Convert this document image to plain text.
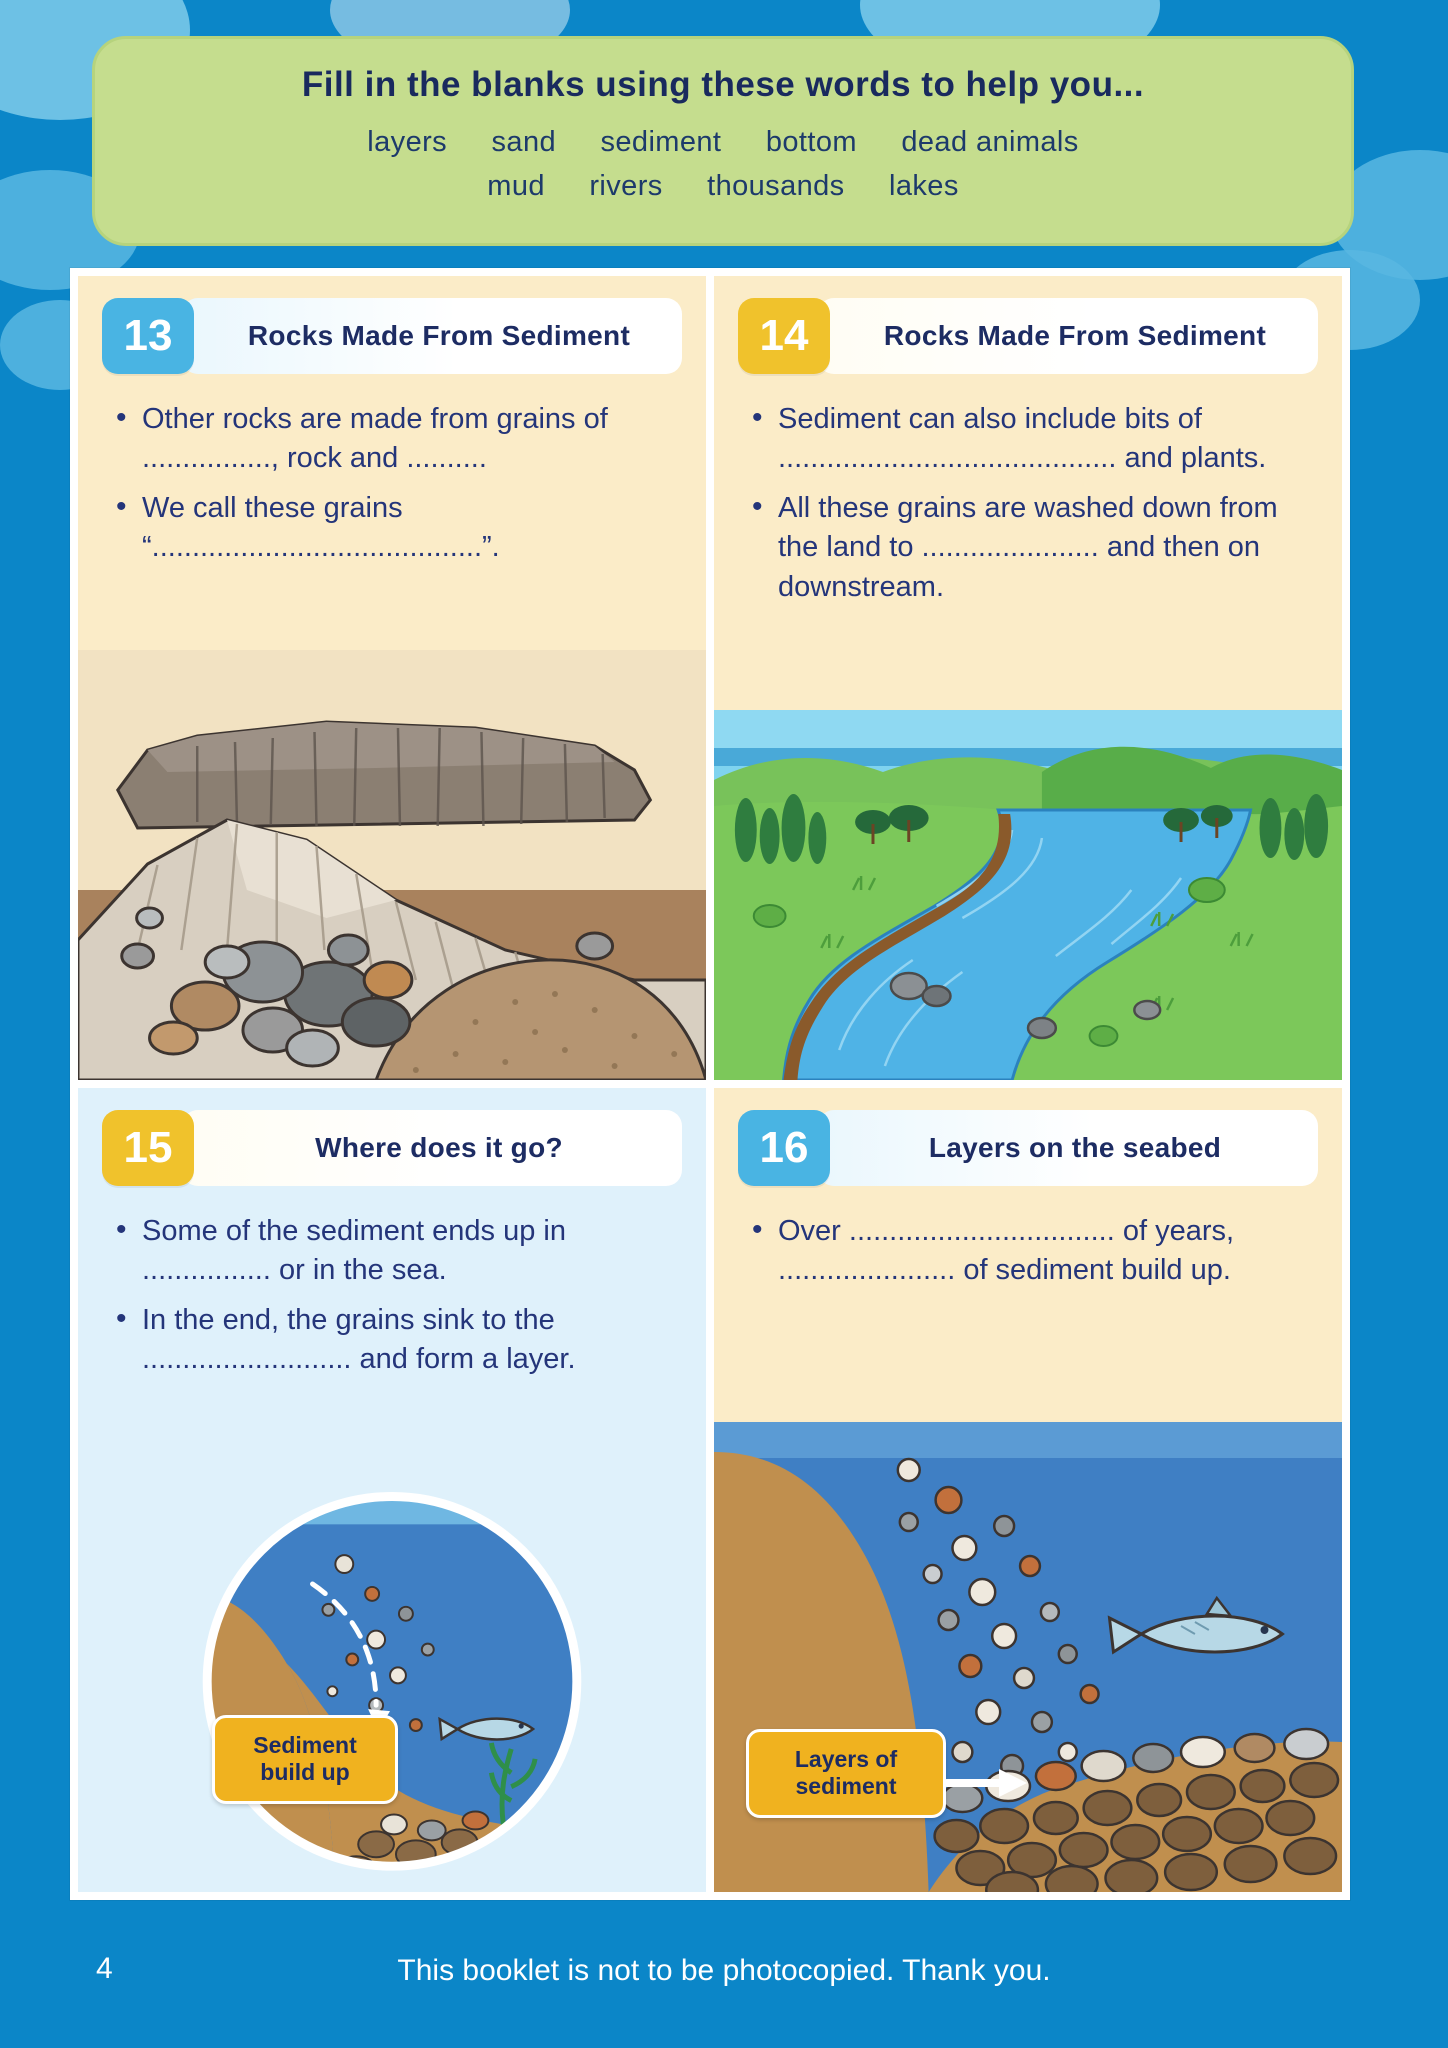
Fill in the blanks using these words to help you...
layers sand sediment bottom dead animals
mud rivers thousands lakes
13	Rocks Made From Sediment
• Other rocks are made from grains of ................, rock and ..........
• We call these grains “.........................................”.
14	Rocks Made From Sediment
• Sediment can also include bits of .......................................... and plants.
• All these grains are washed down from the land to ...................... and then on downstream.
15	Where does it go?
• Some of the sediment ends up in ................ or in the sea.
• In the end, the grains sink to the .......................... and form a layer.
Sediment
build up
16	Layers on the seabed
• Over ................................. of years, ...................... of sediment build up.
Layers of
sediment
4	This booklet is not to be photocopied. Thank you.
